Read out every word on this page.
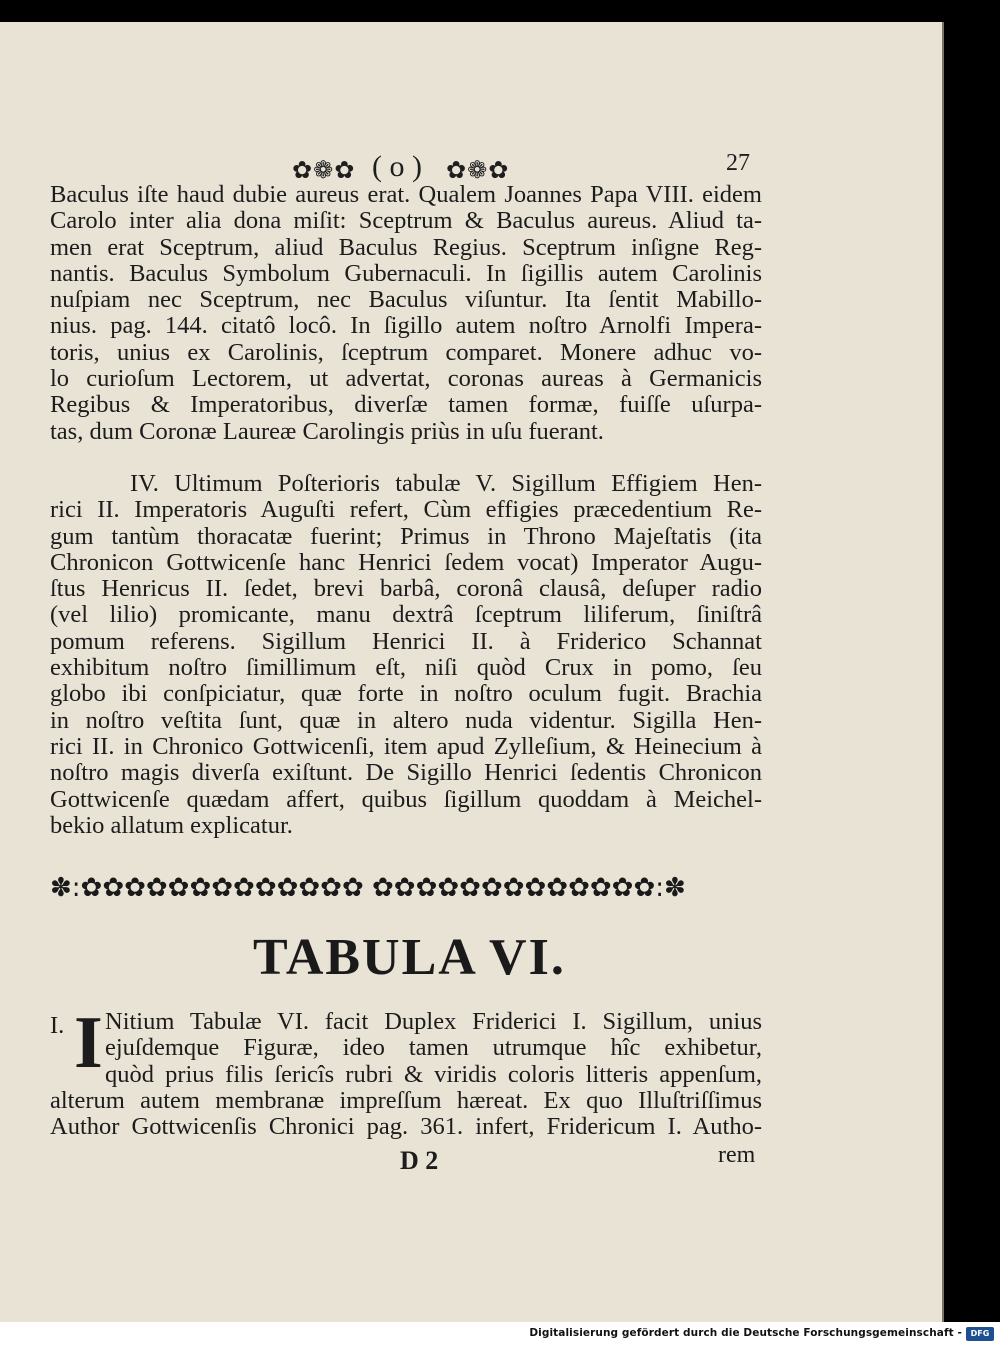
✿❁✿ ( o ) ✿❁✿	27
Baculus iſte haud dubie aureus erat. Qualem Joannes Papa VIII. eidem
Carolo inter alia dona miſit: Sceptrum & Baculus aureus. Aliud ta-
men erat Sceptrum, aliud Baculus Regius. Sceptrum inſigne Reg-
nantis. Baculus Symbolum Gubernaculi. In ſigillis autem Carolinis
nuſpiam nec Sceptrum, nec Baculus viſuntur. Ita ſentit Mabillo-
nius. pag. 144. citatô locô. In ſigillo autem noſtro Arnolfi Impera-
toris, unius ex Carolinis, ſceptrum comparet. Monere adhuc vo-
lo curioſum Lectorem, ut advertat, coronas aureas à Germanicis
Regibus & Imperatoribus, diverſæ tamen formæ, fuiſſe uſurpa-
tas, dum Coronæ Laureæ Carolingis priùs in uſu fuerant.
IV. Ultimum Poſterioris tabulæ V. Sigillum Effigiem Hen-
rici II. Imperatoris Auguſti refert, Cùm effigies præcedentium Re-
gum tantùm thoracatæ fuerint; Primus in Throno Majeſtatis (ita
Chronicon Gottwicenſe hanc Henrici ſedem vocat) Imperator Augu-
ſtus Henricus II. ſedet, brevi barbâ, coronâ clausâ, deſuper radio
(vel lilio) promicante, manu dextrâ ſceptrum liliferum, ſiniſtrâ
pomum referens. Sigillum Henrici II. à Friderico Schannat
exhibitum noſtro ſimillimum eſt, niſi quòd Crux in pomo, ſeu
globo ibi conſpiciatur, quæ forte in noſtro oculum fugit. Brachia
in noſtro veſtita ſunt, quæ in altero nuda videntur. Sigilla Hen-
rici II. in Chronico Gottwicenſi, item apud Zylleſium, & Heinecium à
noſtro magis diverſa exiſtunt. De Sigillo Henrici ſedentis Chronicon
Gottwicenſe quædam affert, quibus ſigillum quoddam à Meichel-
bekio allatum explicatur.
✽:✿✿✿✿✿✿✿✿✿✿✿✿✿ ✿✿✿✿✿✿✿✿✿✿✿✿✿:✽
TABULA VI.
I. I Nitium Tabulæ VI. facit Duplex Friderici I. Sigillum, unius
ejuſdemque Figuræ, ideo tamen utrumque hîc exhibetur,
quòd prius filis ſericîs rubri & viridis coloris litteris appenſum,
alterum autem membranæ impreſſum hæreat. Ex quo Illuſtriſſimus
Author Gottwicenſis Chronici pag. 361. infert, Fridericum I. Autho-
D 2	rem
Digitalisierung gefördert durch die Deutsche Forschungsgemeinschaft -	DFG
